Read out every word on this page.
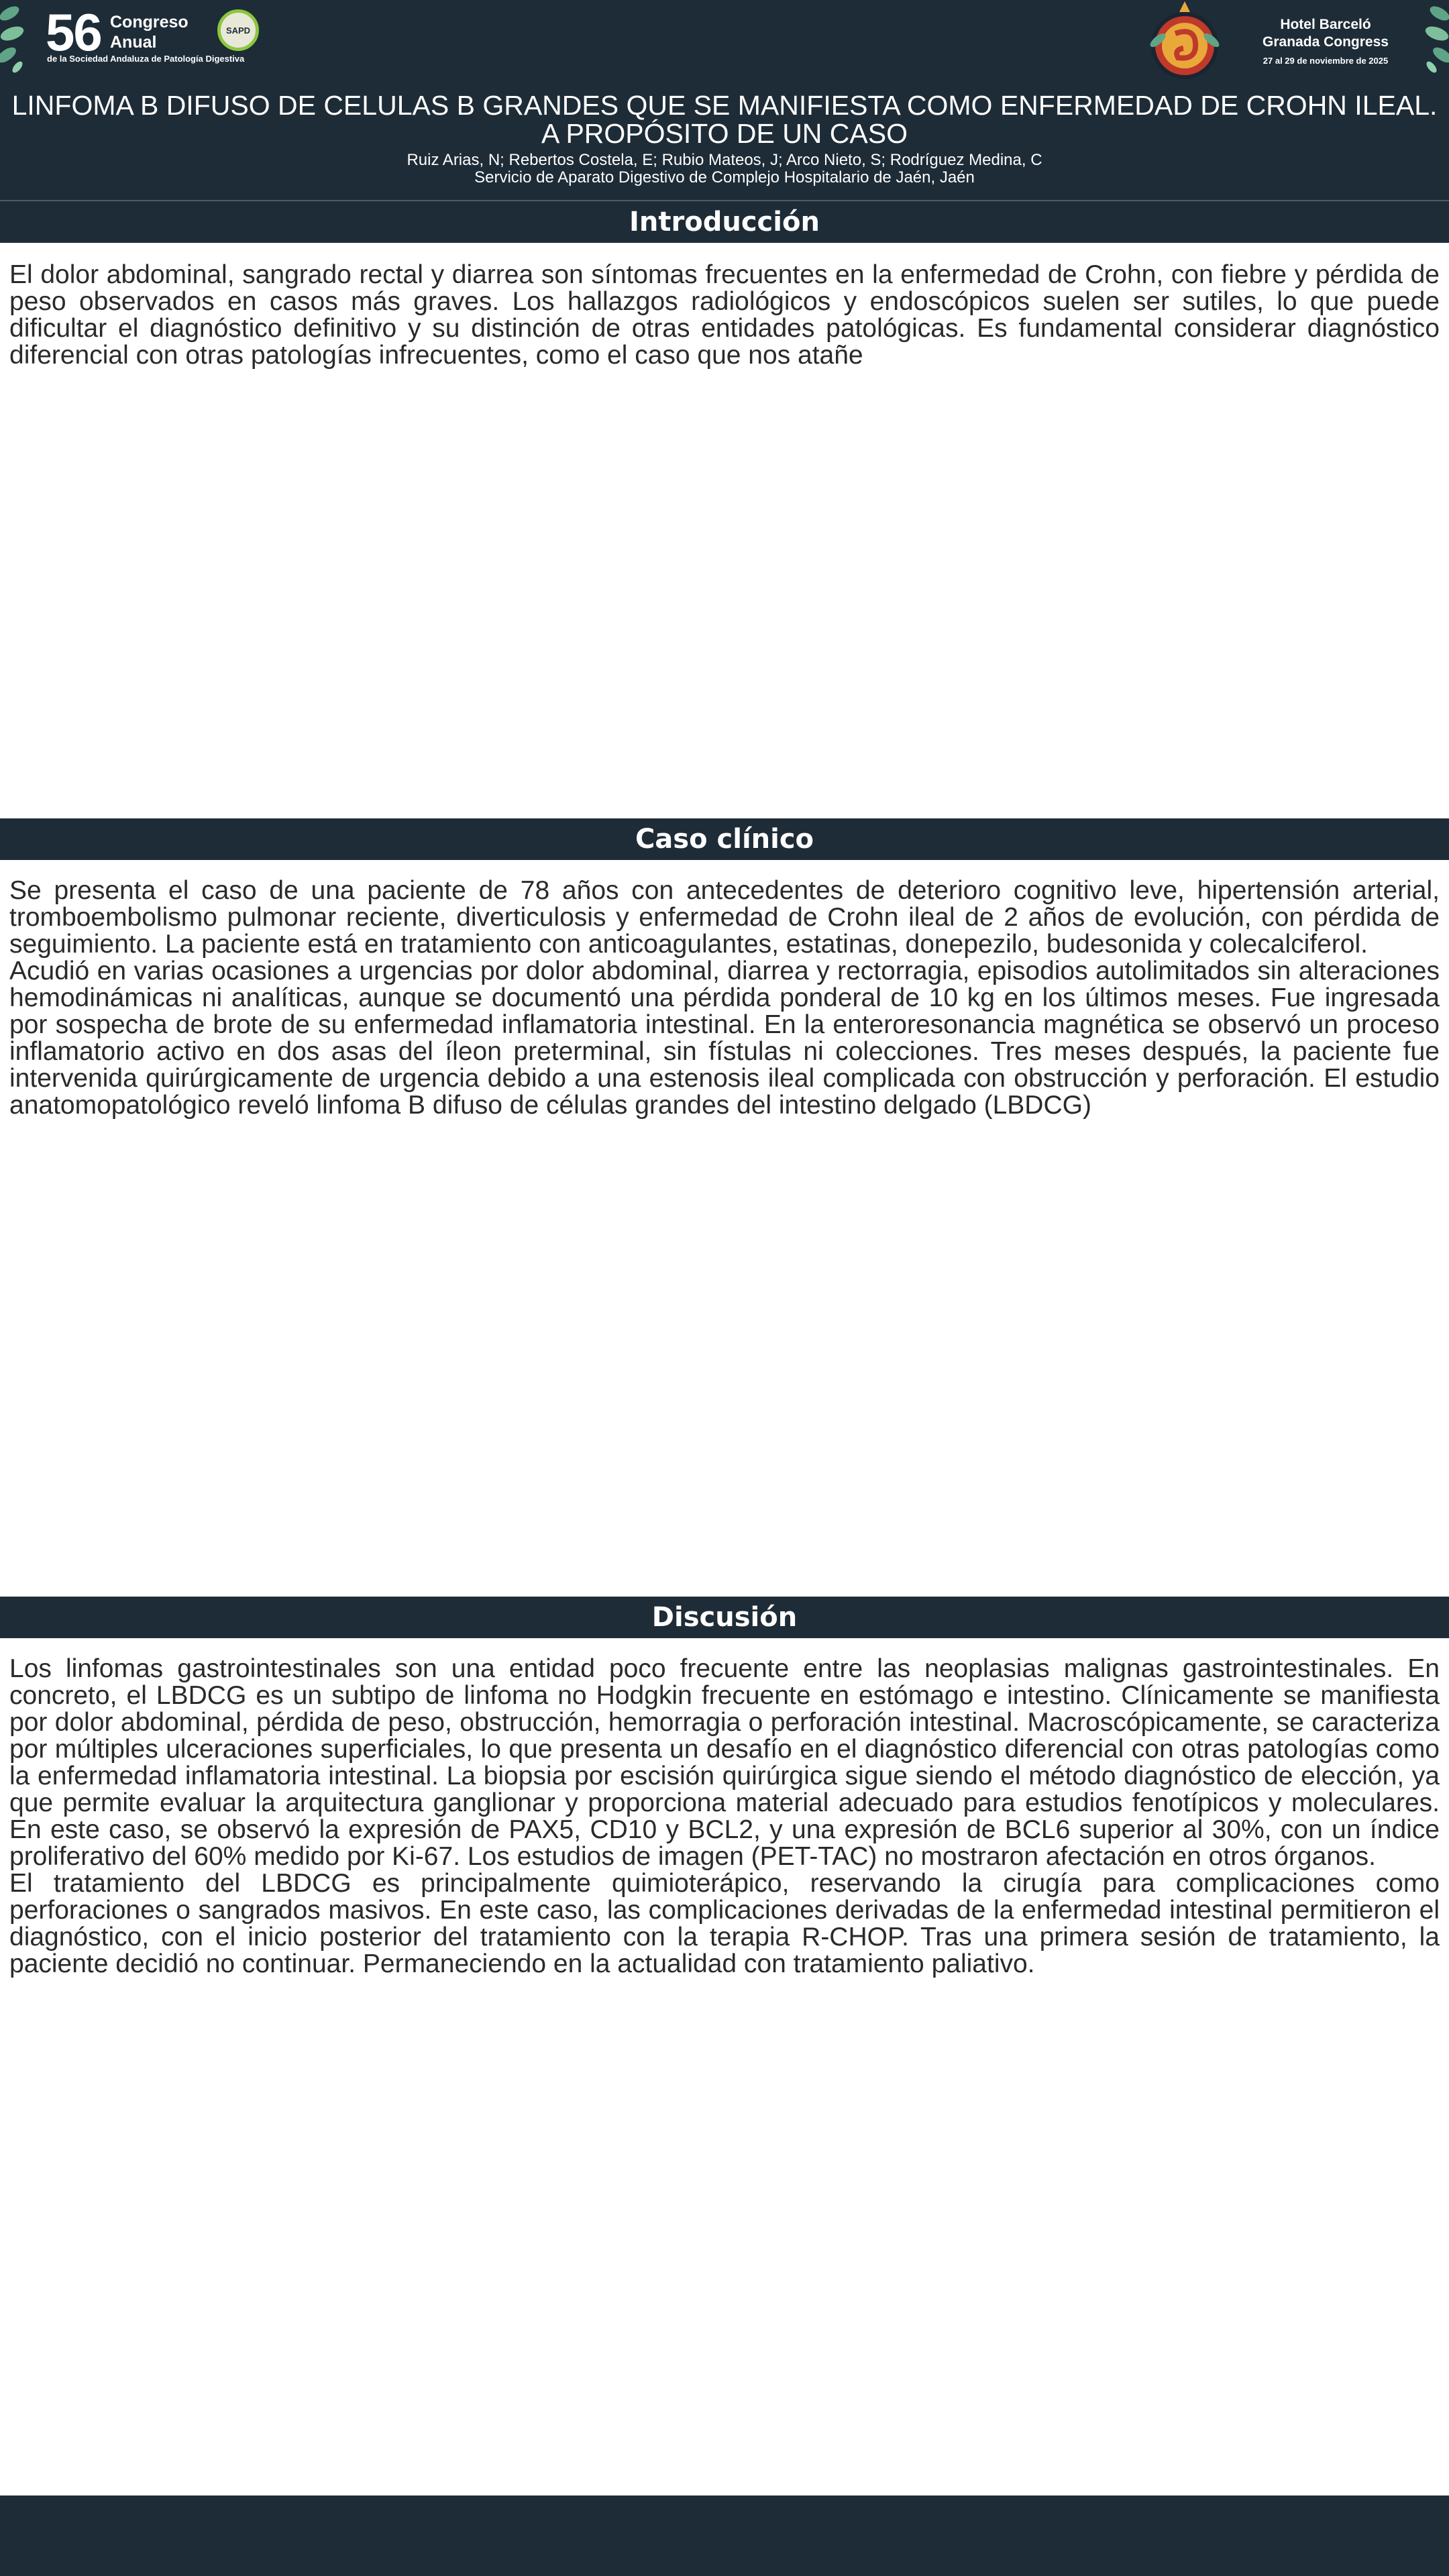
56 Congreso
Anual
de la Sociedad Andaluza de Patología Digestiva
SAPD	Hotel Barceló
Granada Congress
27 al 29 de noviembre de 2025
LINFOMA B DIFUSO DE CELULAS B GRANDES QUE SE MANIFIESTA COMO ENFERMEDAD DE CROHN ILEAL.
A PROPÓSITO DE UN CASO
Ruiz Arias, N; Rebertos Costela, E; Rubio Mateos, J; Arco Nieto, S; Rodríguez Medina, C
Servicio de Aparato Digestivo de Complejo Hospitalario de Jaén, Jaén
Introducción

El dolor abdominal, sangrado rectal y diarrea son síntomas frecuentes en la enfermedad de Crohn, con fiebre y pérdida de peso observados en casos más graves. Los hallazgos radiológicos y endoscópicos suelen ser sutiles, lo que puede dificultar el diagnóstico definitivo y su distinción de otras entidades patológicas. Es fundamental considerar diagnóstico diferencial con otras patologías infrecuentes, como el caso que nos atañe

Caso clínico

Se presenta el caso de una paciente de 78 años con antecedentes de deterioro cognitivo leve, hipertensión arterial, tromboembolismo pulmonar reciente, diverticulosis y enfermedad de Crohn ileal de 2 años de evolución, con pérdida de seguimiento. La paciente está en tratamiento con anticoagulantes, estatinas, donepezilo, budesonida y colecalciferol.

Acudió en varias ocasiones a urgencias por dolor abdominal, diarrea y rectorragia, episodios autolimitados sin alteraciones hemodinámicas ni analíticas, aunque se documentó una pérdida ponderal de 10 kg en los últimos meses. Fue ingresada por sospecha de brote de su enfermedad inflamatoria intestinal. En la enteroresonancia magnética se observó un proceso inflamatorio activo en dos asas del íleon preterminal, sin fístulas ni colecciones. Tres meses después, la paciente fue intervenida quirúrgicamente de urgencia debido a una estenosis ileal complicada con obstrucción y perforación. El estudio anatomopatológico reveló linfoma B difuso de células grandes del intestino delgado (LBDCG)

Discusión

Los linfomas gastrointestinales son una entidad poco frecuente entre las neoplasias malignas gastrointestinales. En concreto, el LBDCG es un subtipo de linfoma no Hodgkin frecuente en estómago e intestino. Clínicamente se manifiesta por dolor abdominal, pérdida de peso, obstrucción, hemorragia o perforación intestinal. Macroscópicamente, se caracteriza por múltiples ulceraciones superficiales, lo que presenta un desafío en el diagnóstico diferencial con otras patologías como la enfermedad inflamatoria intestinal. La biopsia por escisión quirúrgica sigue siendo el método diagnóstico de elección, ya que permite evaluar la arquitectura ganglionar y proporciona material adecuado para estudios fenotípicos y moleculares. En este caso, se observó la expresión de PAX5, CD10 y BCL2, y una expresión de BCL6 superior al 30%, con un índice proliferativo del 60% medido por Ki-67. Los estudios de imagen (PET-TAC) no mostraron afectación en otros órganos.

El tratamiento del LBDCG es principalmente quimioterápico, reservando la cirugía para complicaciones como perforaciones o sangrados masivos. En este caso, las complicaciones derivadas de la enfermedad intestinal permitieron el diagnóstico, con el inicio posterior del tratamiento con la terapia R-CHOP. Tras una primera sesión de tratamiento, la paciente decidió no continuar. Permaneciendo en la actualidad con tratamiento paliativo.
